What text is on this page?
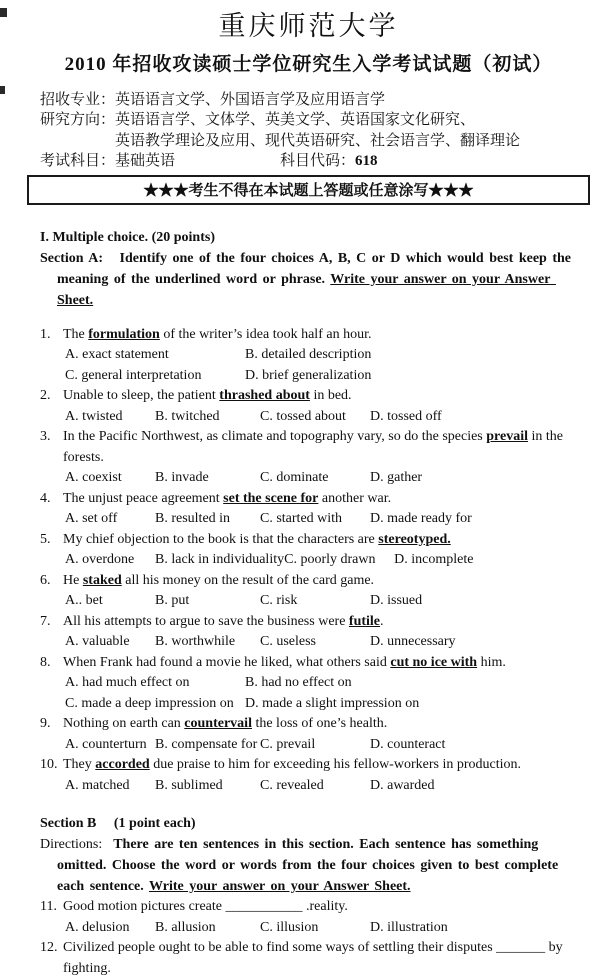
重庆师范大学
2010 年招收攻读硕士学位研究生入学考试试题（初试）
招收专业： 英语语言文学、外国语言学及应用语言学
研究方向： 英语语言学、文体学、英美文学、英语国家文化研究、
英语教学理论及应用、现代英语研究、社会语言学、翻译理论
考试科目： 基础英语	科目代码： 618
★★★考生不得在本试题上答题或任意涂写★★★
I. Multiple choice. (20 points)

Section A:   Identify one of the four choices A, B, C or D which would best keep the meaning of the underlined word or phrase. Write your answer on your Answer Sheet.

1. The formulation of the writer’s idea took half an hour.
A. exact statement	B. detailed description
C. general interpretation	D. brief generalization
2. Unable to sleep, the patient thrashed about in bed.
A. twisted B. twitched	C. tossed about D. tossed off
3. In the Pacific Northwest, as climate and topography vary, so do the species prevail in the forests.
A. coexist B. invade	C. dominate	D. gather
4. The unjust peace agreement set the scene for another war.
A. set off	B. resulted in C. started with D. made ready for
5. My chief objection to the book is that the characters are stereotyped.
A. overdone B. lack in individualityC. poorly drawn D. incomplete
6. He staked all his money on the result of the card game.
A.. bet	B. put	C. risk	D. issued
7. All his attempts to argue to save the business were futile.
A. valuable B. worthwhile C. useless	D. unnecessary
8. When Frank had found a movie he liked, what others said cut no ice with him.
A. had much effect on	B. had no effect on
C. made a deep impression on D. made a slight impression on
9. Nothing on earth can countervail the loss of one’s health.
A. counterturn B. compensate for C. prevail	D. counteract
10. They accorded due praise to him for exceeding his fellow-workers in production.
A. matched B. sublimed	C. revealed	D. awarded
Section B     (1 point each)

Directions:  There are ten sentences in this section. Each sentence has something omitted. Choose the word or words from the four choices given to best complete each sentence. Write your answer on your Answer Sheet.

11. Good motion pictures create ___________ .reality.
A. delusion B. allusion	C. illusion	D. illustration
12. Civilized people ought to be able to find some ways of settling their disputes _______ by fighting.
